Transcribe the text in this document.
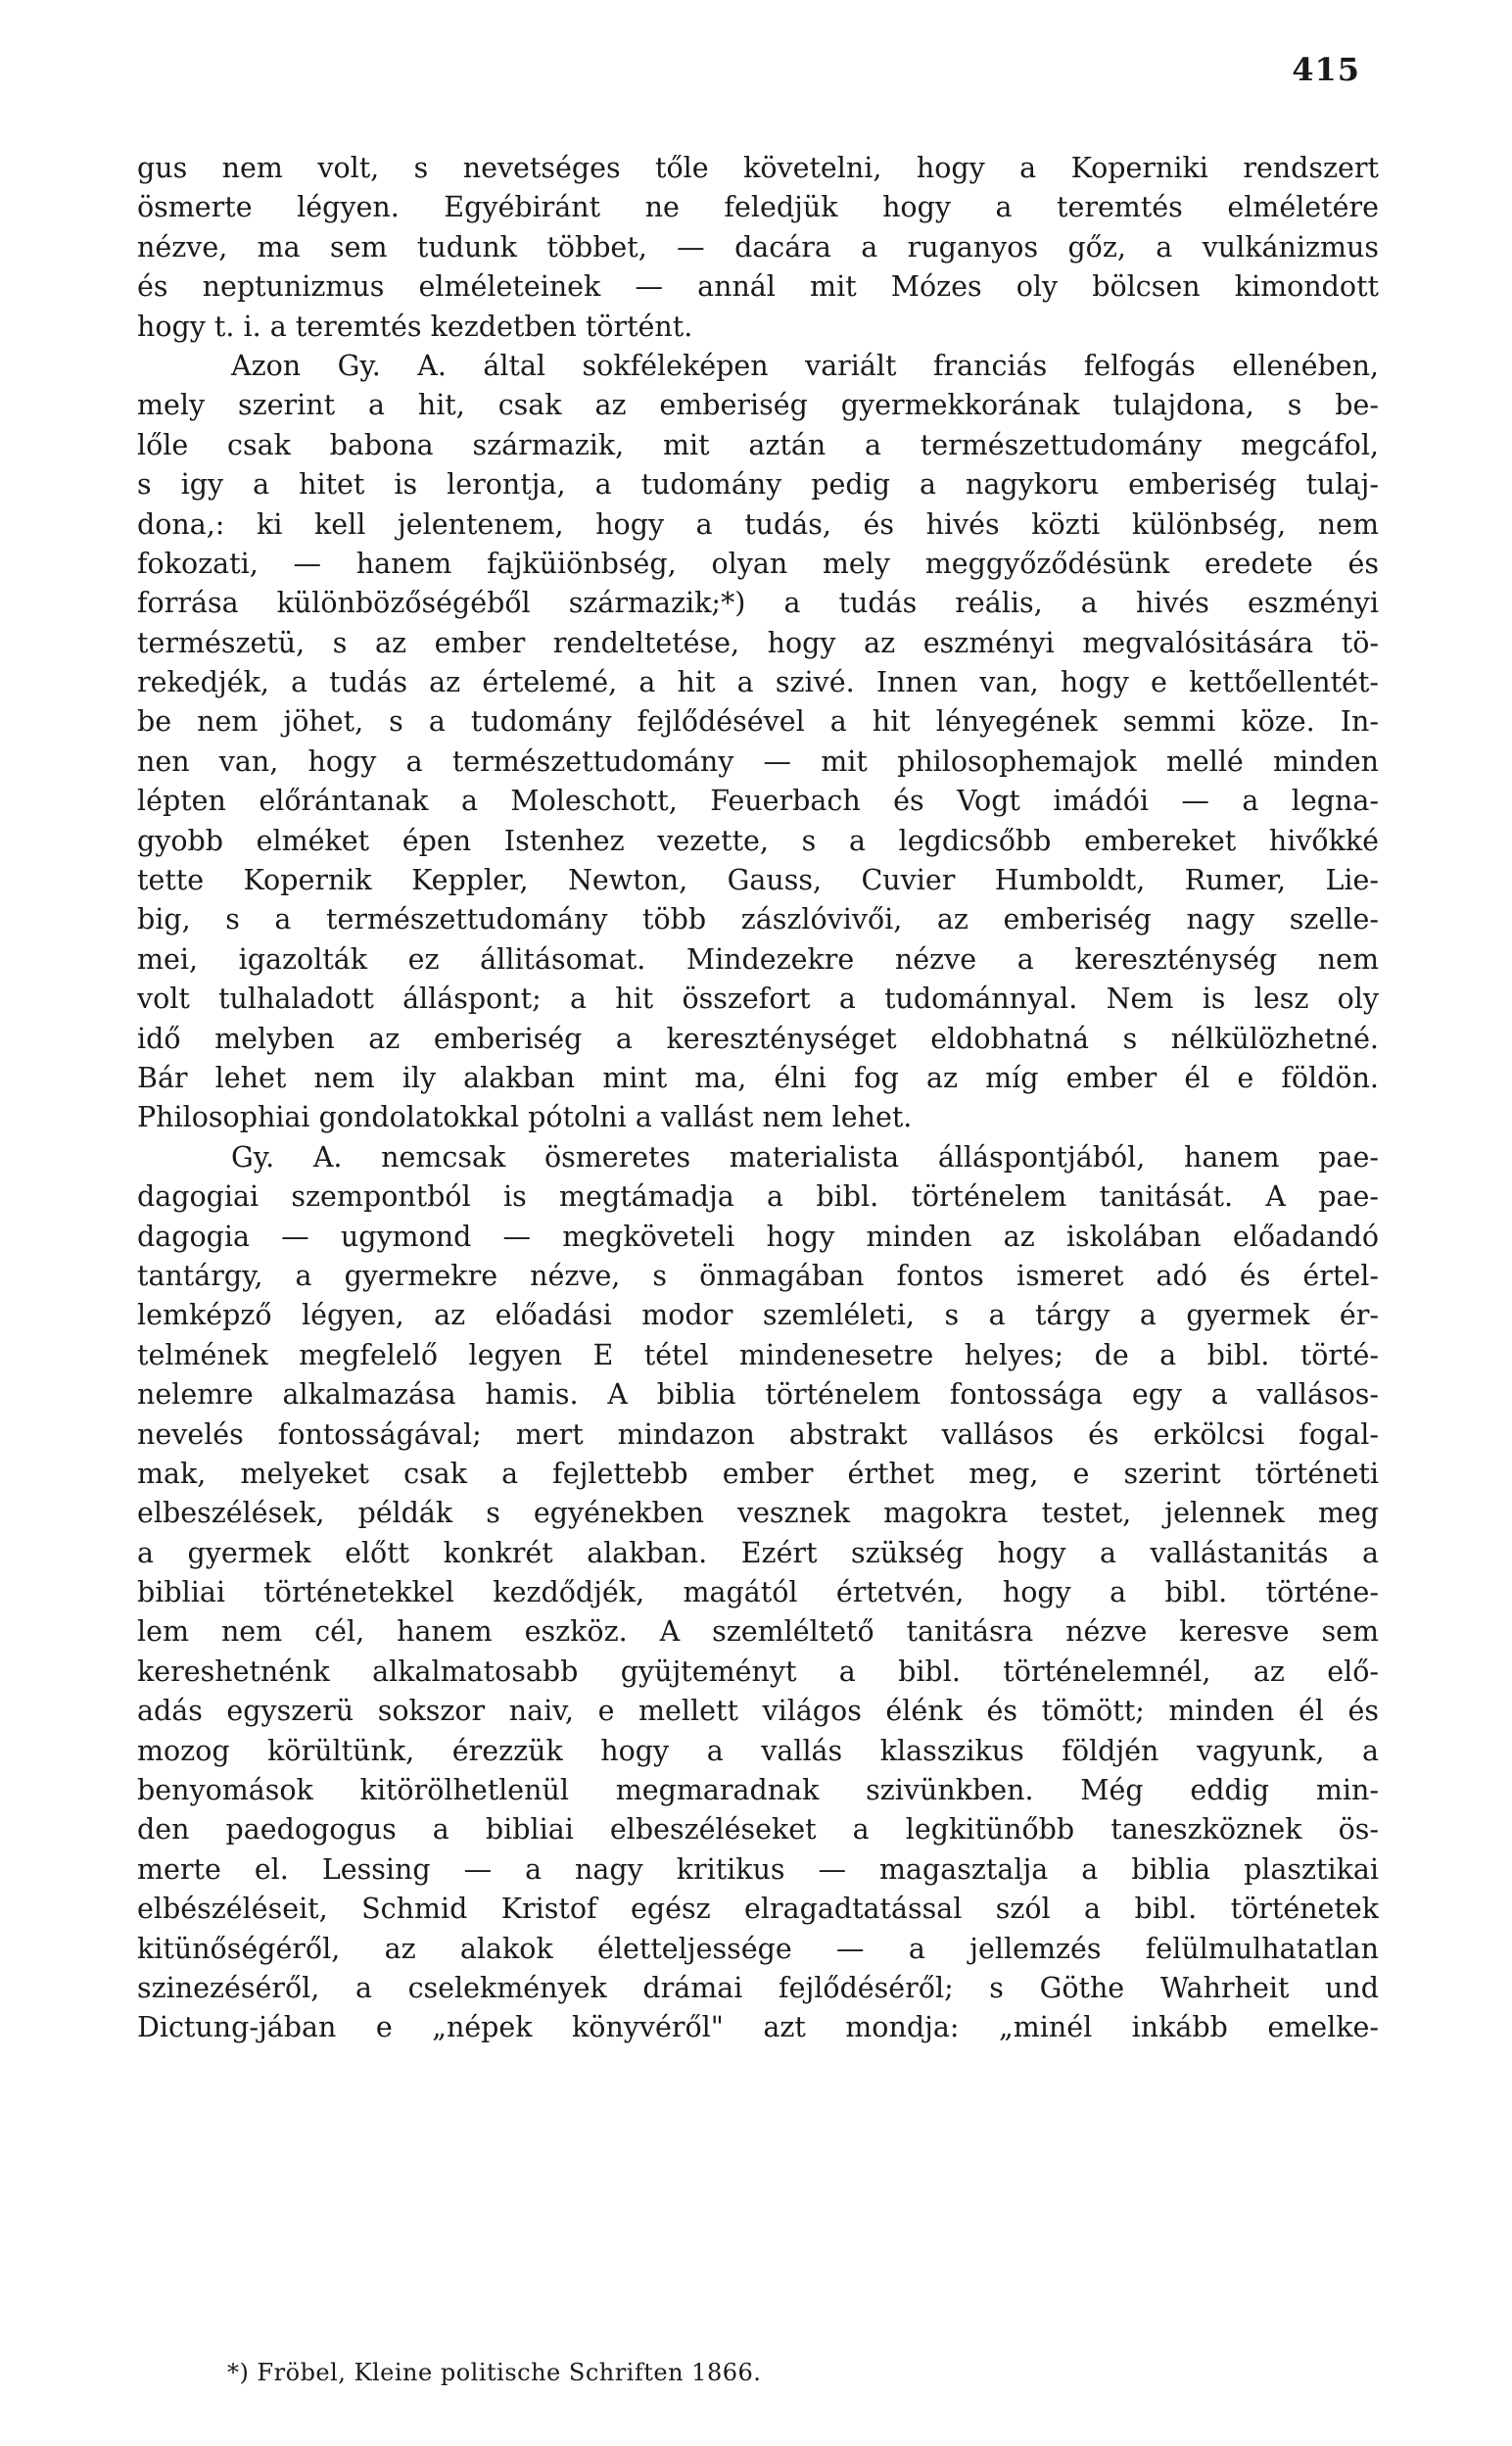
415
gus nem volt, s nevetséges tőle követelni, hogy a Koperniki rendszert
ösmerte légyen. Egyébiránt ne feledjük hogy a teremtés elméletére
nézve, ma sem tudunk többet, — dacára a ruganyos gőz, a vulkánizmus
és neptunizmus elméleteinek — annál mit Mózes oly bölcsen kimondott
hogy t. i. a teremtés kezdetben történt.
Azon Gy. A. által sokféleképen variált franciás felfogás ellenében,
mely szerint a hit, csak az emberiség gyermekkorának tulajdona, s be-
lőle csak babona származik, mit aztán a természettudomány megcáfol,
s igy a hitet is lerontja, a tudomány pedig a nagykoru emberiség tulaj-
dona,: ki kell jelentenem, hogy a tudás, és hivés közti különbség, nem
fokozati, — hanem fajküiönbség, olyan mely meggyőződésünk eredete és
forrása különbözőségéből származik;*) a tudás reális, a hivés eszményi
természetü, s az ember rendeltetése, hogy az eszményi megvalósitására tö-
rekedjék, a tudás az értelemé, a hit a szivé. Innen van, hogy e kettőellentét-
be nem jöhet, s a tudomány fejlődésével a hit lényegének semmi köze. In-
nen van, hogy a természettudomány — mit philosophemajok mellé minden
lépten előrántanak a Moleschott, Feuerbach és Vogt imádói — a legna-
gyobb elméket épen Istenhez vezette, s a legdicsőbb embereket hivőkké
tette Kopernik Keppler, Newton, Gauss, Cuvier Humboldt, Rumer, Lie-
big, s a természettudomány több zászlóvivői, az emberiség nagy szelle-
mei, igazolták ez állitásomat. Mindezekre nézve a kereszténység nem
volt tulhaladott álláspont; a hit összefort a tudománnyal. Nem is lesz oly
idő melyben az emberiség a kereszténységet eldobhatná s nélkülözhetné.
Bár lehet nem ily alakban mint ma, élni fog az míg ember él e földön.
Philosophiai gondolatokkal pótolni a vallást nem lehet.
Gy. A. nemcsak ösmeretes materialista álláspontjából, hanem pae-
dagogiai szempontból is megtámadja a bibl. történelem tanitását. A pae-
dagogia — ugymond — megköveteli hogy minden az iskolában előadandó
tantárgy, a gyermekre nézve, s önmagában fontos ismeret adó és értel-
lemképző légyen, az előadási modor szemléleti, s a tárgy a gyermek ér-
telmének megfelelő legyen E tétel mindenesetre helyes; de a bibl. törté-
nelemre alkalmazása hamis. A biblia történelem fontossága egy a vallásos-
nevelés fontosságával; mert mindazon abstrakt vallásos és erkölcsi fogal-
mak, melyeket csak a fejlettebb ember érthet meg, e szerint történeti
elbeszélések, példák s egyénekben vesznek magokra testet, jelennek meg
a gyermek előtt konkrét alakban. Ezért szükség hogy a vallástanitás a
bibliai történetekkel kezdődjék, magától értetvén, hogy a bibl. történe-
lem nem cél, hanem eszköz. A szemléltető tanitásra nézve keresve sem
kereshetnénk alkalmatosabb gyüjteményt a bibl. történelemnél, az elő-
adás egyszerü sokszor naiv, e mellett világos élénk és tömött; minden él és
mozog körültünk, érezzük hogy a vallás klasszikus földjén vagyunk, a
benyomások kitörölhetlenül megmaradnak szivünkben. Még eddig min-
den paedogogus a bibliai elbeszéléseket a legkitünőbb taneszköznek ös-
merte el. Lessing — a nagy kritikus — magasztalja a biblia plasztikai
elbészéléseit, Schmid Kristof egész elragadtatással szól a bibl. történetek
kitünőségéről, az alakok életteljessége — a jellemzés felülmulhatatlan
szinezéséről, a cselekmények drámai fejlődéséről; s Göthe Wahrheit und
Dictung-jában e „népek könyvéről" azt mondja: „minél inkább emelke-
*) Fröbel, Kleine politische Schriften 1866.
